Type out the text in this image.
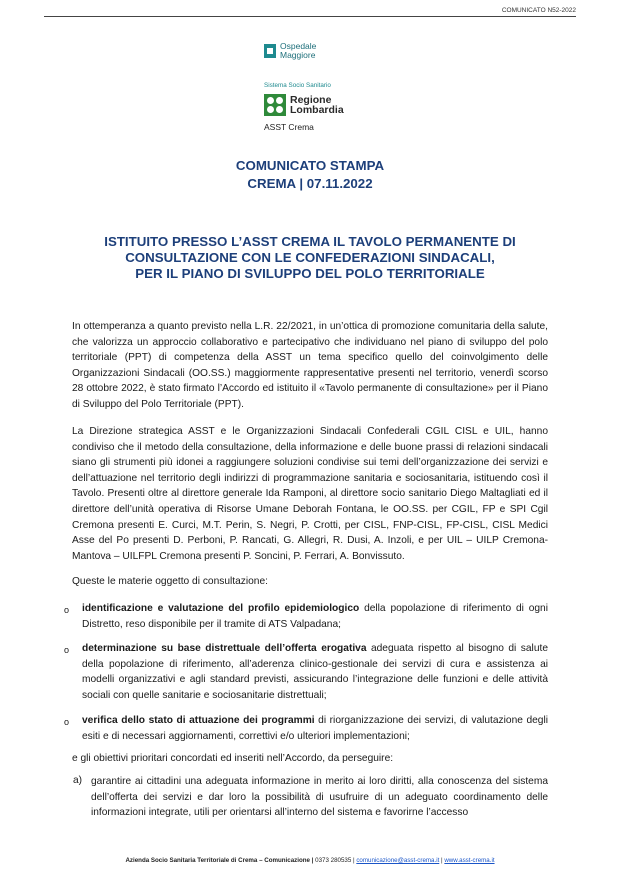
COMUNICATO N52-2022
Ospedale
Maggiore
Sistema Socio Sanitario
Regione
Lombardia
ASST Crema
COMUNICATO STAMPA
CREMA | 07.11.2022
ISTITUITO PRESSO L’ASST CREMA IL TAVOLO PERMANENTE DI
CONSULTAZIONE CON LE CONFEDERAZIONI SINDACALI,
PER IL PIANO DI SVILUPPO DEL POLO TERRITORIALE
In ottemperanza a quanto previsto nella L.R. 22/2021, in un’ottica di promozione comunitaria della salute, che valorizza un approccio collaborativo e partecipativo che individuano nel piano di sviluppo del polo territoriale (PPT) di competenza della ASST un tema specifico quello del coinvolgimento delle Organizzazioni Sindacali (OO.SS.) maggiormente rappresentative presenti nel territorio, venerdì scorso 28 ottobre 2022, è stato firmato l’Accordo ed istituito il «Tavolo permanente di consultazione» per il Piano di Sviluppo del Polo Territoriale (PPT).
La Direzione strategica ASST e le Organizzazioni Sindacali Confederali CGIL CISL e UIL, hanno condiviso che il metodo della consultazione, della informazione e delle buone prassi di relazioni sindacali siano gli strumenti più idonei a raggiungere soluzioni condivise sui temi dell’organizzazione dei servizi e dell’attuazione nel territorio degli indirizzi di programmazione sanitaria e sociosanitaria, istituendo così il Tavolo. Presenti oltre al direttore generale Ida Ramponi, al direttore socio sanitario Diego Maltagliati ed il direttore dell’unità operativa di Risorse Umane Deborah Fontana, le OO.SS. per CGIL, FP e SPI Cgil Cremona presenti E. Curci, M.T. Perin, S. Negri, P. Crotti, per CISL, FNP-CISL, FP-CISL, CISL Medici Asse del Po presenti D. Perboni, P. Rancati, G. Allegri, R. Dusi, A. Inzoli, e per UIL – UILP Cremona-Mantova – UILFPL Cremona presenti P. Soncini, P. Ferrari, A. Bonvissuto.
Queste le materie oggetto di consultazione:
o identificazione e valutazione del profilo epidemiologico della popolazione di riferimento di ogni Distretto, reso disponibile per il tramite di ATS Valpadana;
o determinazione su base distrettuale dell’offerta erogativa adeguata rispetto al bisogno di salute della popolazione di riferimento, all’aderenza clinico-gestionale dei servizi di cura e assistenza ai modelli organizzativi e agli standard previsti, assicurando l’integrazione delle funzioni e delle attività sociali con quelle sanitarie e sociosanitarie distrettuali;
o verifica dello stato di attuazione dei programmi di riorganizzazione dei servizi, di valutazione degli esiti e di necessari aggiornamenti, correttivi e/o ulteriori implementazioni;
e gli obiettivi prioritari concordati ed inseriti nell’Accordo, da perseguire:
a) garantire ai cittadini una adeguata informazione in merito ai loro diritti, alla conoscenza del sistema dell’offerta dei servizi e dar loro la possibilità di usufruire di un adeguato coordinamento delle informazioni integrate, utili per orientarsi all’interno del sistema e favorirne l’accesso
Azienda Socio Sanitaria Territoriale di Crema – Comunicazione | 0373 280535 | comunicazione@asst-crema.it | www.asst-crema.it
